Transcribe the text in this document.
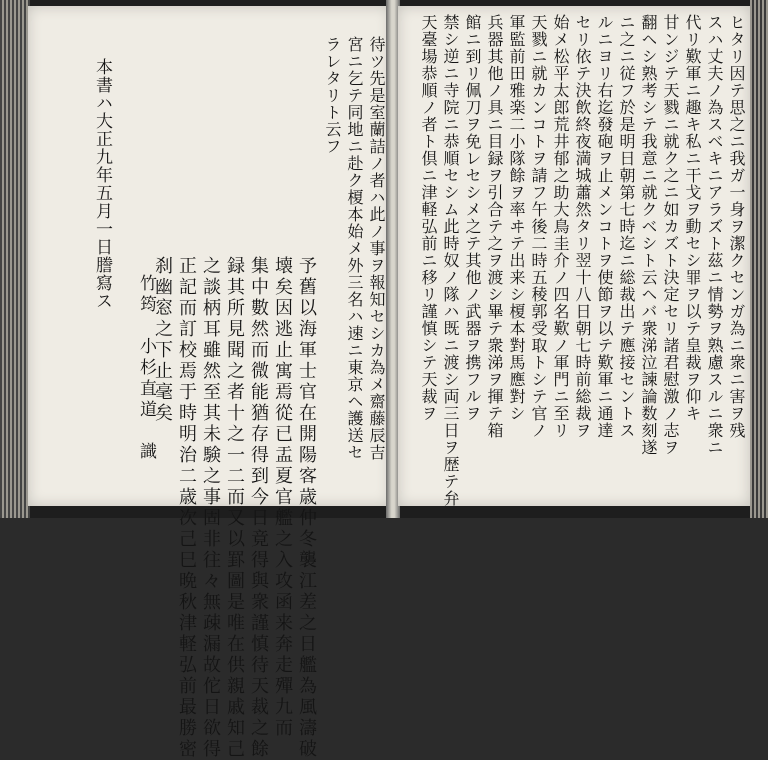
待ツ先是室蘭詰ノ者ハ此ノ事ヲ報知セシカ為メ齋藤辰吉
宮ニ乞テ同地ニ赴ク榎本始メ外三名ハ速ニ東京ヘ護送セ
ラレタリト云フ
予舊以海軍士官在開陽客歳仲冬襲江差之日艦為風濤破
壊矣因逃止寓焉從已盂夏官艦之入攻函来奔走殫九而
集中數然而微能猶存得到今日竟得與衆謹慎待天裁之餘
録其所見聞之者十之一二而又以罫圖是唯在供親戚知己
之談柄耳雖然至其未験之事固非往々無疎漏故佗日欲得
正記而訂校焉于時明治二歳次己巳晩秋津軽弘前最勝密
刹幽窓之下止毫矣
竹筠　小杉直道　識
本書ハ大正九年五月一日謄寫ス	ヒタリ因テ思之ニ我ガ一身ヲ潔クセンガ為ニ衆ニ害ヲ残
スハ丈夫ノ為スベキニアラズト茲ニ情勢ヲ熟慮スルニ衆ニ
代リ歎軍ニ趣キ私ニ干戈ヲ動セシ罪ヲ以テ皇裁ヲ仰キ
甘ンジテ天戮ニ就ク之ニ如カズト決定セリ諸君慰激ノ志ヲ
翻ヘシ熟考シテ我意ニ就クベシト云ヘバ衆涕泣諫論数刻遂
ニ之ニ従フ於是明日朝第七時迄ニ総裁出テ應接セントス
ルニヨリ右迄發砲ヲ止メンコトヲ使節ヲ以テ歎軍ニ通達
セリ依テ決飲終夜満城蕭然タリ翌十八日朝七時前総裁ヲ
始メ松平太郎荒井郁之助大鳥圭介ノ四名歎ノ軍門ニ至リ
天戮ニ就カンコトヲ請フ午後二時五稜郭受取トシテ官ノ
軍監前田雅楽二小隊餘ヲ率ヰテ出来シ榎本對馬應對シ
兵器其他ノ具ニ目録ヲ引合テ之ヲ渡シ畢テ衆涕ヲ揮テ箱
館ニ到リ佩刀ヲ免レセシメ之テ其他ノ武器ヲ携フルヲ
禁シ逆ニ寺院ニ恭順セシム此時奴ノ隊ハ既ニ渡シ両三日ヲ歴テ弁
天臺場恭順ノ者ト倶ニ津軽弘前ニ移リ謹慎シテ天裁ヲ
